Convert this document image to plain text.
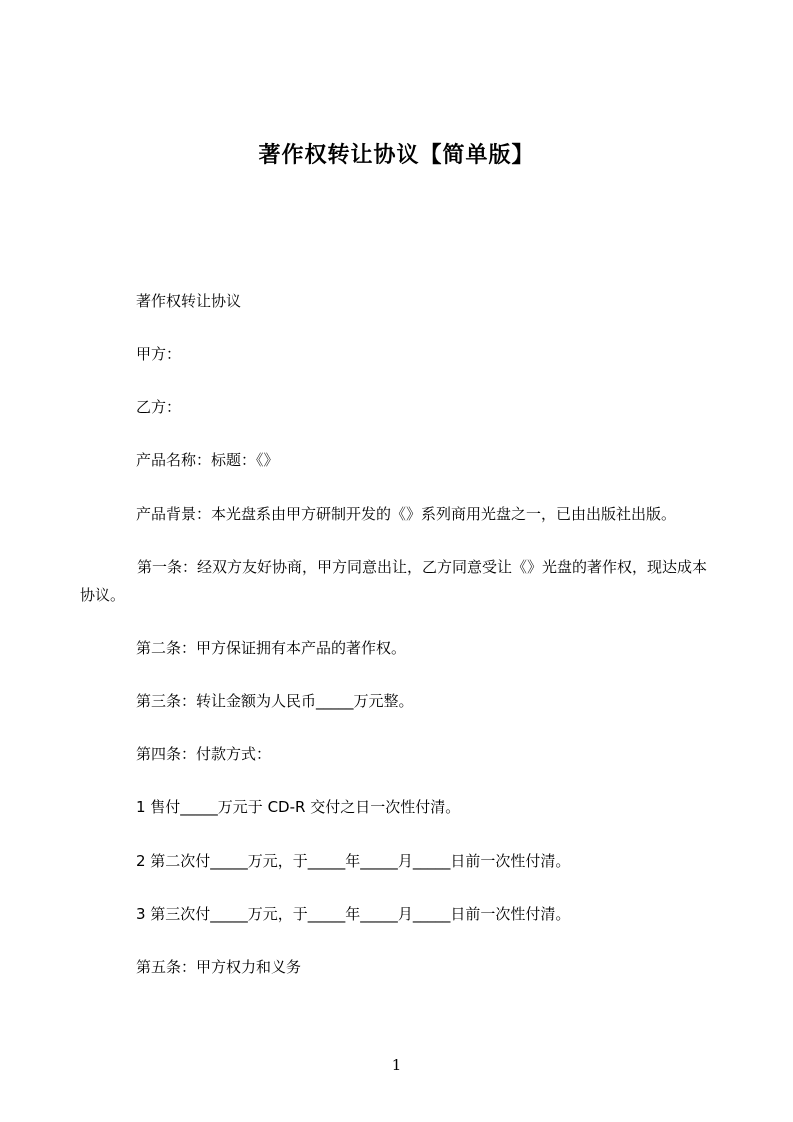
著作权转让协议【简单版】
著作权转让协议
甲方：
乙方：
产品名称：标题：《》
产品背景：本光盘系由甲方研制开发的《》系列商用光盘之一，已由出版社出版。
第一条：经双方友好协商，甲方同意出让，乙方同意受让《》光盘的著作权，现达成本协议。
第二条：甲方保证拥有本产品的著作权。
第三条：转让金额为人民币_____万元整。
第四条：付款方式：
1 售付_____万元于 CD-R 交付之日一次性付清。
2 第二次付_____万元，于_____年_____月_____日前一次性付清。
3 第三次付_____万元，于_____年_____月_____日前一次性付清。
第五条：甲方权力和义务
1
